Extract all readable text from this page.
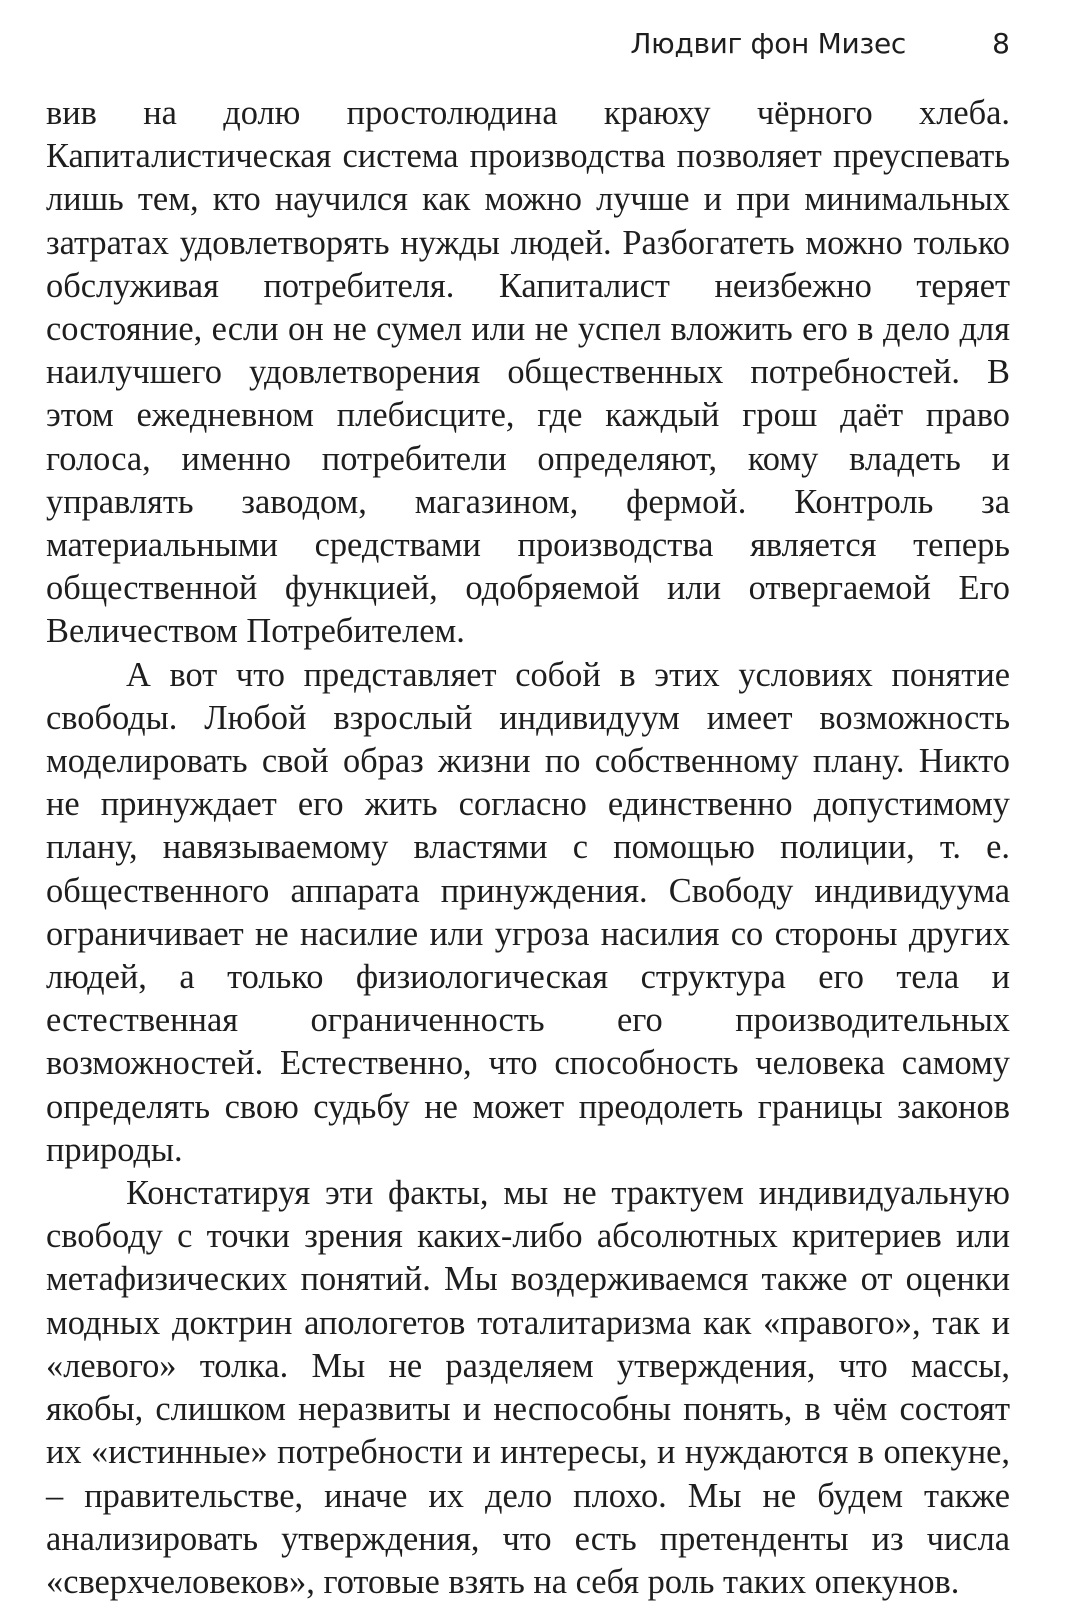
Людвиг фон Мизес	8

вив на долю простолюдина краюху чёрного хлеба. Капиталистическая система производства позволяет преуспевать лишь тем, кто научился как можно лучше и при минимальных затратах удовлетворять нужды людей. Разбогатеть можно только обслуживая потребителя. Капиталист неизбежно теряет состояние, если он не сумел или не успел вложить его в дело для наилучшего удовлетворения общественных потребностей. В этом ежедневном плебисците, где каждый грош даёт право голоса, именно потребители определяют, кому владеть и управлять заводом, магазином, фермой. Контроль за материальными средствами производства является теперь общественной функцией, одобряемой или отвергаемой Его Величеством Потребителем.

А вот что представляет собой в этих условиях понятие свободы. Любой взрослый индивидуум имеет возможность моделировать свой образ жизни по собственному плану. Никто не принуждает его жить согласно единственно допустимому плану, навязываемому властями с помощью полиции, т. е. общественного аппарата принуждения. Свободу индивидуума ограничивает не насилие или угроза насилия со стороны других людей, а только физиологическая структура его тела и естественная ограниченность его производительных возможностей. Естественно, что способность человека самому определять свою судьбу не может преодолеть границы законов природы.

Констатируя эти факты, мы не трактуем индивидуальную свободу с точки зрения каких-либо абсолютных критериев или метафизических понятий. Мы воздерживаемся также от оценки модных доктрин апологетов тоталитаризма как «правого», так и «левого» толка. Мы не разделяем утверждения, что массы, якобы, слишком неразвиты и неспособны понять, в чём состоят их «истинные» потребности и интересы, и нуждаются в опекуне, – правительстве, иначе их дело плохо. Мы не будем также анализировать утверждения, что есть претенденты из числа «сверхчеловеков», готовые взять на себя роль таких опекунов.
